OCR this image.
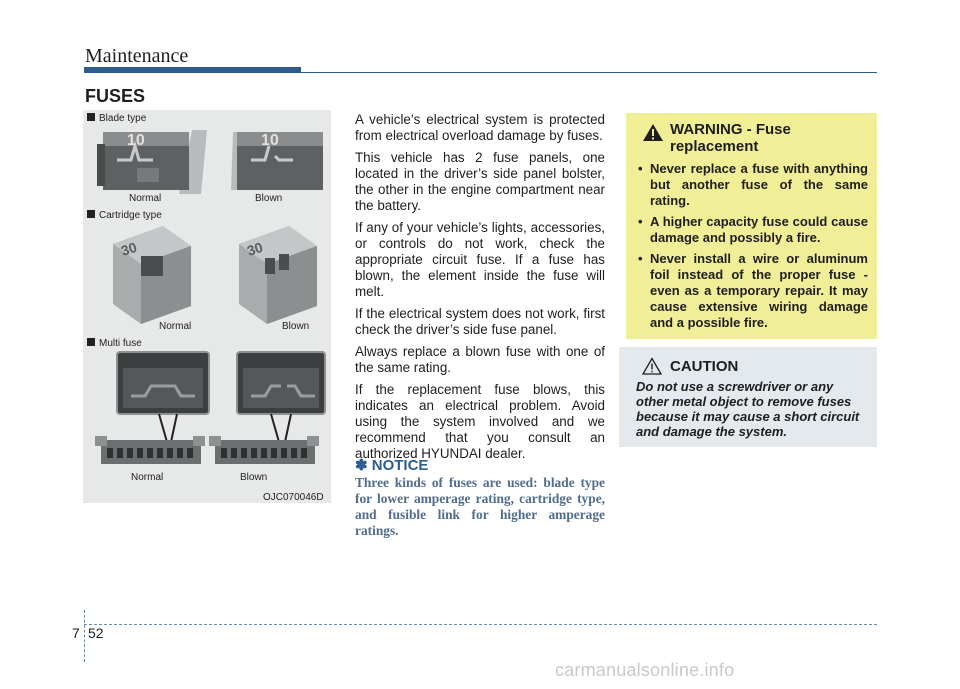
Maintenance
FUSES
Blade type
10	10
Normal	Blown
Cartridge type
30	30
Normal	Blown
Multi fuse
Normal	Blown
OJC070046D

A vehicle’s electrical system is protected from electrical overload damage by fuses.

This vehicle has 2 fuse panels, one located in the driver’s side panel bolster, the other in the engine compartment near the battery.

If any of your vehicle’s lights, accessories, or controls do not work, check the appropriate circuit fuse. If a fuse has blown, the element inside the fuse will melt.

If the electrical system does not work, first check the driver’s side fuse panel.

Always replace a blown fuse with one of the same rating.

If the replacement fuse blows, this indicates an electrical problem. Avoid using the system involved and we recommend that you consult an authorized HYUNDAI dealer.

✽ NOTICE
Three kinds of fuses are used: blade type for lower amperage rating, cartridge type, and fusible link for higher amperage ratings.
WARNING - Fuse replacement
• Never replace a fuse with anything but another fuse of the same rating.
• A higher capacity fuse could cause damage and possibly a fire.
• Never install a wire or aluminum foil instead of the proper fuse - even as a temporary repair. It may cause extensive wiring damage and a possible fire.
CAUTION
Do not use a screwdriver or any other metal object to remove fuses because it may cause a short circuit and damage the system.
7 52
carmanualsonline.info
